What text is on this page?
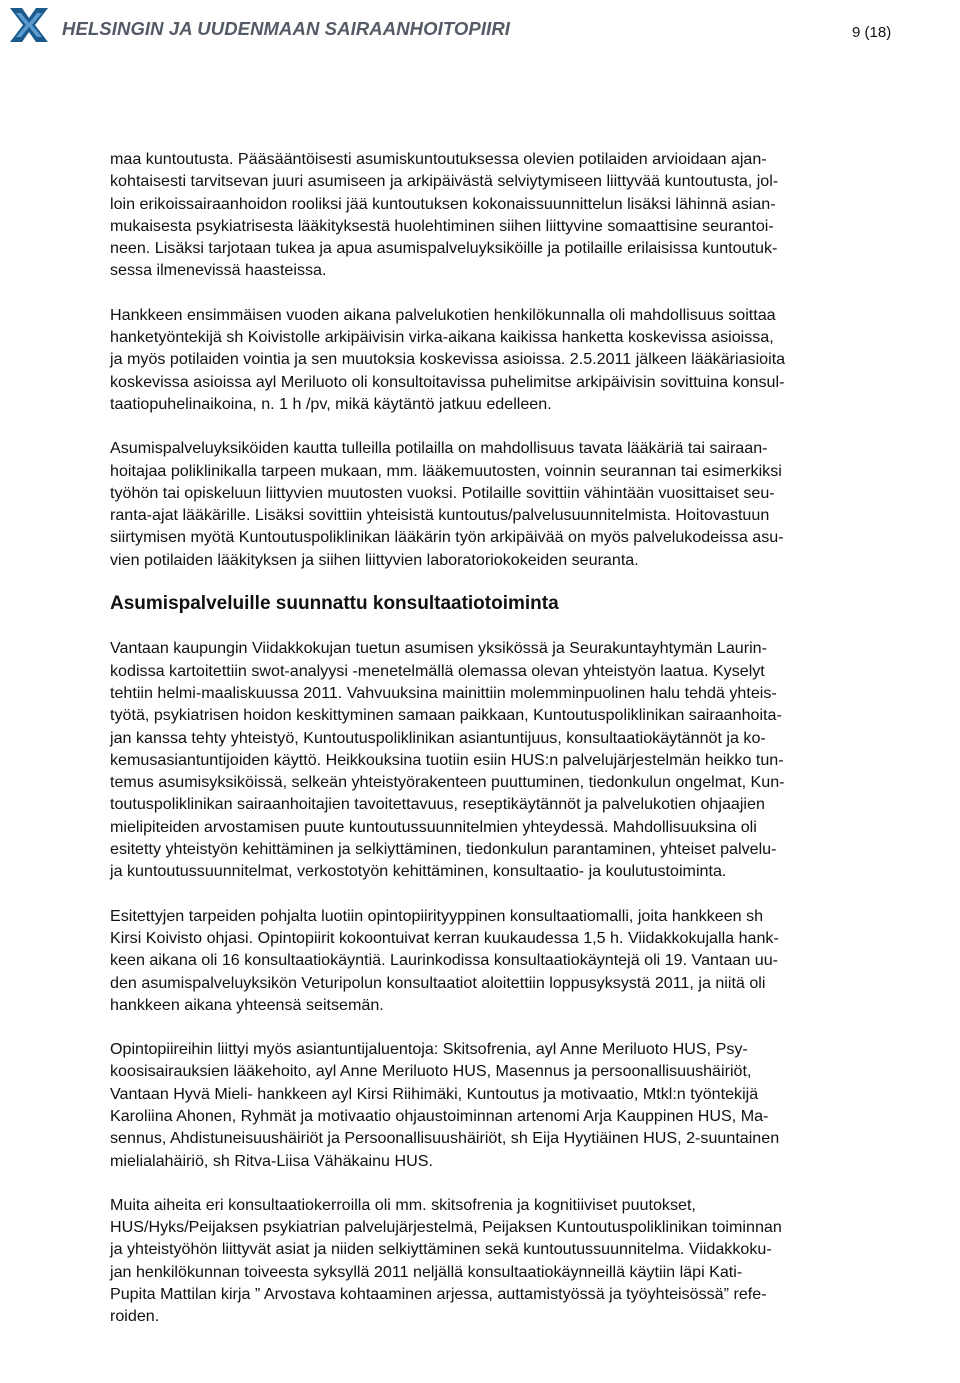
HELSINGIN JA UUDENMAAN SAIRAANHOITOPIIRI	9 (18)

maa kuntoutusta. Pääsääntöisesti asumiskuntoutuksessa olevien potilaiden arvioidaan ajan-
kohtaisesti tarvitsevan juuri asumiseen ja arkipäivästä selviytymiseen liittyvää kuntoutusta, jol-
loin erikoissairaanhoidon rooliksi jää kuntoutuksen kokonaissuunnittelun lisäksi lähinnä asian-
mukaisesta psykiatrisesta lääkityksestä huolehtiminen siihen liittyvine somaattisine seurantoi-
neen. Lisäksi tarjotaan tukea ja apua asumispalveluyksiköille ja potilaille erilaisissa kuntoutuk-
sessa ilmenevissä haasteissa.

Hankkeen ensimmäisen vuoden aikana palvelukotien henkilökunnalla oli mahdollisuus soittaa
hanketyöntekijä sh Koivistolle arkipäivisin virka-aikana kaikissa hanketta koskevissa asioissa,
ja myös potilaiden vointia ja sen muutoksia koskevissa asioissa. 2.5.2011 jälkeen lääkäriasioita
koskevissa asioissa ayl Meriluoto oli konsultoitavissa puhelimitse arkipäivisin sovittuina konsul-
taatiopuhelinaikoina, n. 1 h /pv, mikä käytäntö jatkuu edelleen.

Asumispalveluyksiköiden kautta tulleilla potilailla on mahdollisuus tavata lääkäriä tai sairaan-
hoitajaa poliklinikalla tarpeen mukaan, mm. lääkemuutosten, voinnin seurannan tai esimerkiksi
työhön tai opiskeluun liittyvien muutosten vuoksi. Potilaille sovittiin vähintään vuosittaiset seu-
ranta-ajat lääkärille. Lisäksi sovittiin yhteisistä kuntoutus/palvelusuunnitelmista. Hoitovastuun
siirtymisen myötä Kuntoutuspoliklinikan lääkärin työn arkipäivää on myös palvelukodeissa asu-
vien potilaiden lääkityksen ja siihen liittyvien laboratoriokokeiden seuranta.

Asumispalveluille suunnattu konsultaatiotoiminta

Vantaan kaupungin Viidakkokujan tuetun asumisen yksikössä ja Seurakuntayhtymän Laurin-
kodissa kartoitettiin swot-analyysi -menetelmällä olemassa olevan yhteistyön laatua. Kyselyt
tehtiin helmi-maaliskuussa 2011. Vahvuuksina mainittiin molemminpuolinen halu tehdä yhteis-
työtä, psykiatrisen hoidon keskittyminen samaan paikkaan, Kuntoutuspoliklinikan sairaanhoita-
jan kanssa tehty yhteistyö, Kuntoutuspoliklinikan asiantuntijuus, konsultaatiokäytännöt ja ko-
kemusasiantuntijoiden käyttö. Heikkouksina tuotiin esiin HUS:n palvelujärjestelmän heikko tun-
temus asumisyksiköissä, selkeän yhteistyörakenteen puuttuminen, tiedonkulun ongelmat, Kun-
toutuspoliklinikan sairaanhoitajien tavoitettavuus, reseptikäytännöt ja palvelukotien ohjaajien
mielipiteiden arvostamisen puute kuntoutussuunnitelmien yhteydessä. Mahdollisuuksina oli
esitetty yhteistyön kehittäminen ja selkiyttäminen, tiedonkulun parantaminen, yhteiset palvelu-
ja kuntoutussuunnitelmat, verkostotyön kehittäminen, konsultaatio- ja koulutustoiminta.

Esitettyjen tarpeiden pohjalta luotiin opintopiirityyppinen konsultaatiomalli, joita hankkeen sh
Kirsi Koivisto ohjasi. Opintopiirit kokoontuivat kerran kuukaudessa 1,5 h. Viidakkokujalla hank-
keen aikana oli 16 konsultaatiokäyntiä. Laurinkodissa konsultaatiokäyntejä oli 19. Vantaan uu-
den asumispalveluyksikön Veturipolun konsultaatiot aloitettiin loppusyksystä 2011, ja niitä oli
hankkeen aikana yhteensä seitsemän.

Opintopiireihin liittyi myös asiantuntijaluentoja: Skitsofrenia, ayl Anne Meriluoto HUS, Psy-
koosisairauksien lääkehoito, ayl Anne Meriluoto HUS, Masennus ja persoonallisuushäiriöt,
Vantaan Hyvä Mieli- hankkeen ayl Kirsi Riihimäki, Kuntoutus ja motivaatio, Mtkl:n työntekijä
Karoliina Ahonen, Ryhmät ja motivaatio ohjaustoiminnan artenomi Arja Kauppinen HUS, Ma-
sennus, Ahdistuneisuushäiriöt ja Persoonallisuushäiriöt, sh Eija Hyytiäinen HUS, 2-suuntainen
mielialahäiriö, sh Ritva-Liisa Vähäkainu HUS.

Muita aiheita eri konsultaatiokerroilla oli mm. skitsofrenia ja kognitiiviset puutokset,
HUS/Hyks/Peijaksen psykiatrian palvelujärjestelmä, Peijaksen Kuntoutuspoliklinikan toiminnan
ja yhteistyöhön liittyvät asiat ja niiden selkiyttäminen sekä kuntoutussuunnitelma. Viidakkoku-
jan henkilökunnan toiveesta syksyllä 2011 neljällä konsultaatiokäynneillä käytiin läpi Kati-
Pupita Mattilan kirja ” Arvostava kohtaaminen arjessa, auttamistyössä ja työyhteisössä” refe-
roiden.
